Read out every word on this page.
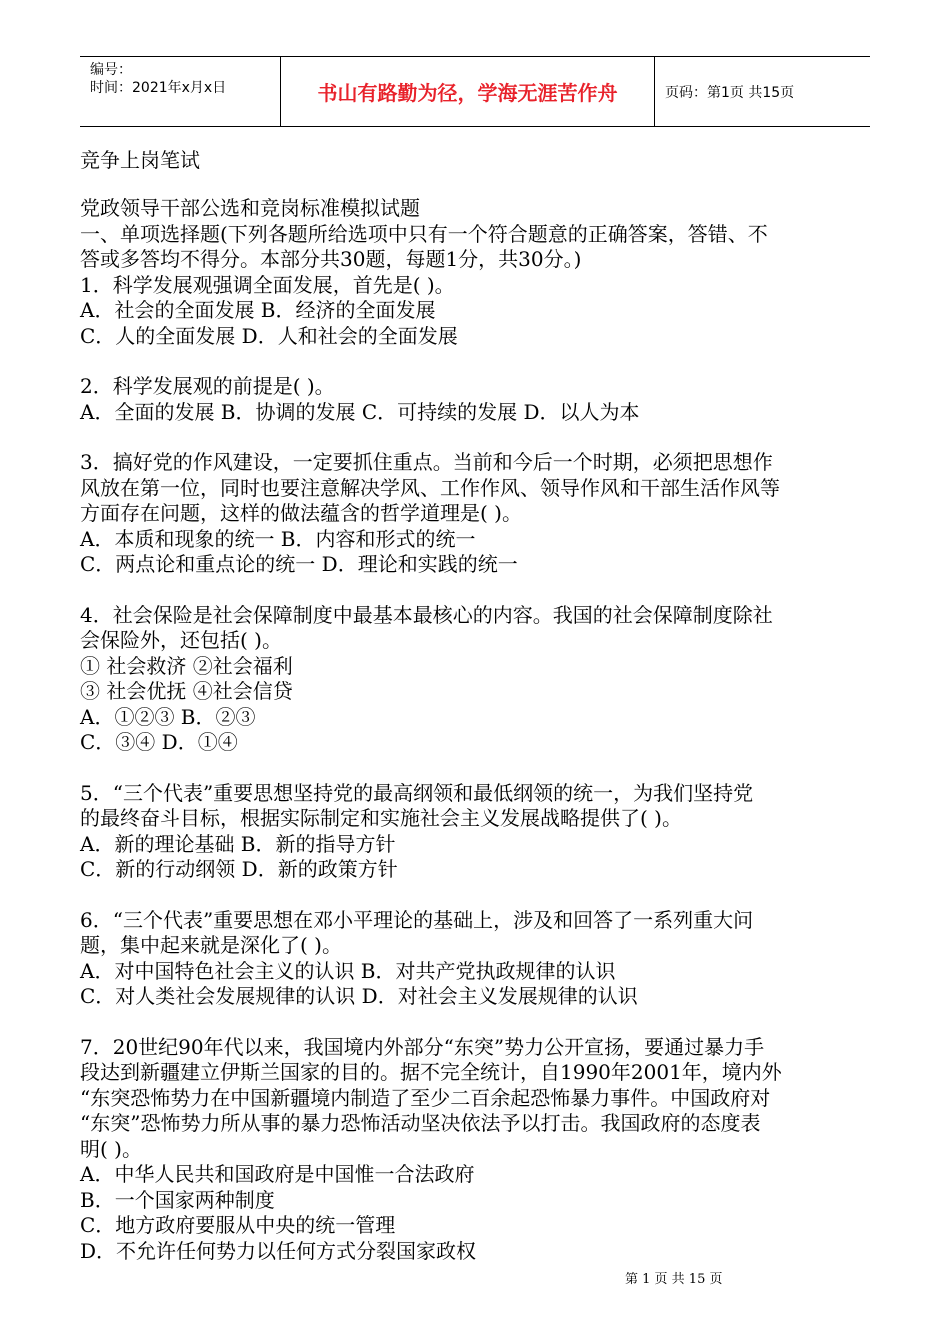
编号：
时间：2021年x月x日	书山有路勤为径，学海无涯苦作舟	页码：第1页 共15页
竞争上岗笔试
党政领导干部公选和竞岗标准模拟试题
一、单项选择题(下列各题所给选项中只有一个符合题意的正确答案，答错、不
答或多答均不得分。本部分共30题，每题1分，共30分。)
1．科学发展观强调全面发展，首先是( )。
A．社会的全面发展 B．经济的全面发展
C．人的全面发展 D．人和社会的全面发展
2．科学发展观的前提是( )。
A．全面的发展 B．协调的发展 C．可持续的发展 D．以人为本
3．搞好党的作风建设，一定要抓住重点。当前和今后一个时期，必须把思想作
风放在第一位，同时也要注意解决学风、工作作风、领导作风和干部生活作风等
方面存在问题，这样的做法蕴含的哲学道理是( )。
A．本质和现象的统一 B．内容和形式的统一
C．两点论和重点论的统一 D．理论和实践的统一
4．社会保险是社会保障制度中最基本最核心的内容。我国的社会保障制度除社
会保险外，还包括( )。
① 社会救济 ②社会福利
③ 社会优抚 ④社会信贷
A．①②③ B．②③
C．③④ D．①④
5．“三个代表”重要思想坚持党的最高纲领和最低纲领的统一，为我们坚持党
的最终奋斗目标，根据实际制定和实施社会主义发展战略提供了( )。
A．新的理论基础 B．新的指导方针
C．新的行动纲领 D．新的政策方针
6．“三个代表”重要思想在邓小平理论的基础上，涉及和回答了一系列重大问
题，集中起来就是深化了( )。
A．对中国特色社会主义的认识 B．对共产党执政规律的认识
C．对人类社会发展规律的认识 D．对社会主义发展规律的认识
7．20世纪90年代以来，我国境内外部分“东突”势力公开宣扬，要通过暴力手
段达到新疆建立伊斯兰国家的目的。据不完全统计，自1990年2001年，境内外
“东突恐怖势力在中国新疆境内制造了至少二百余起恐怖暴力事件。中国政府对
“东突”恐怖势力所从事的暴力恐怖活动坚决依法予以打击。我国政府的态度表
明( )。
A．中华人民共和国政府是中国惟一合法政府
B．一个国家两种制度
C．地方政府要服从中央的统一管理
D．不允许任何势力以任何方式分裂国家政权
第 1 页 共 15 页
